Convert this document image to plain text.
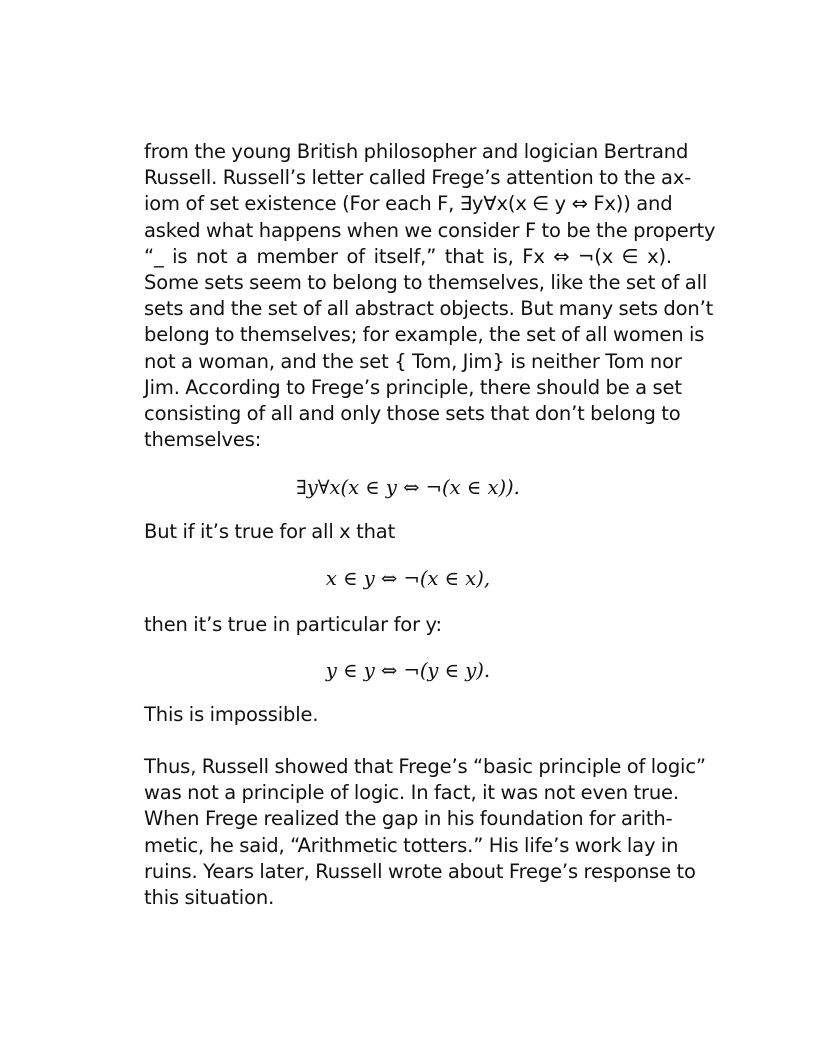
from the young British philosopher and logician Bertrand
Russell. Russell’s letter called Frege’s attention to the ax-
iom of set existence (For each F, ∃y∀x(x ∈ y ⇔ Fx)) and
asked what happens when we consider F to be the property
“_ is not a member of itself,” that is, Fx ⇔ ¬(x ∈ x).
Some sets seem to belong to themselves, like the set of all
sets and the set of all abstract objects. But many sets don’t
belong to themselves; for example, the set of all women is
not a woman, and the set { Tom, Jim} is neither Tom nor
Jim. According to Frege’s principle, there should be a set
consisting of all and only those sets that don’t belong to
themselves:
∃y∀x(x ∈ y ⇔ ¬(x ∈ x)).

But if it’s true for all x that

x ∈ y ⇔ ¬(x ∈ x),

then it’s true in particular for y:

y ∈ y ⇔ ¬(y ∈ y).

This is impossible.

Thus, Russell showed that Frege’s “basic principle of logic”
was not a principle of logic. In fact, it was not even true.
When Frege realized the gap in his foundation for arith-
metic, he said, “Arithmetic totters.” His life’s work lay in
ruins. Years later, Russell wrote about Frege’s response to
this situation.
